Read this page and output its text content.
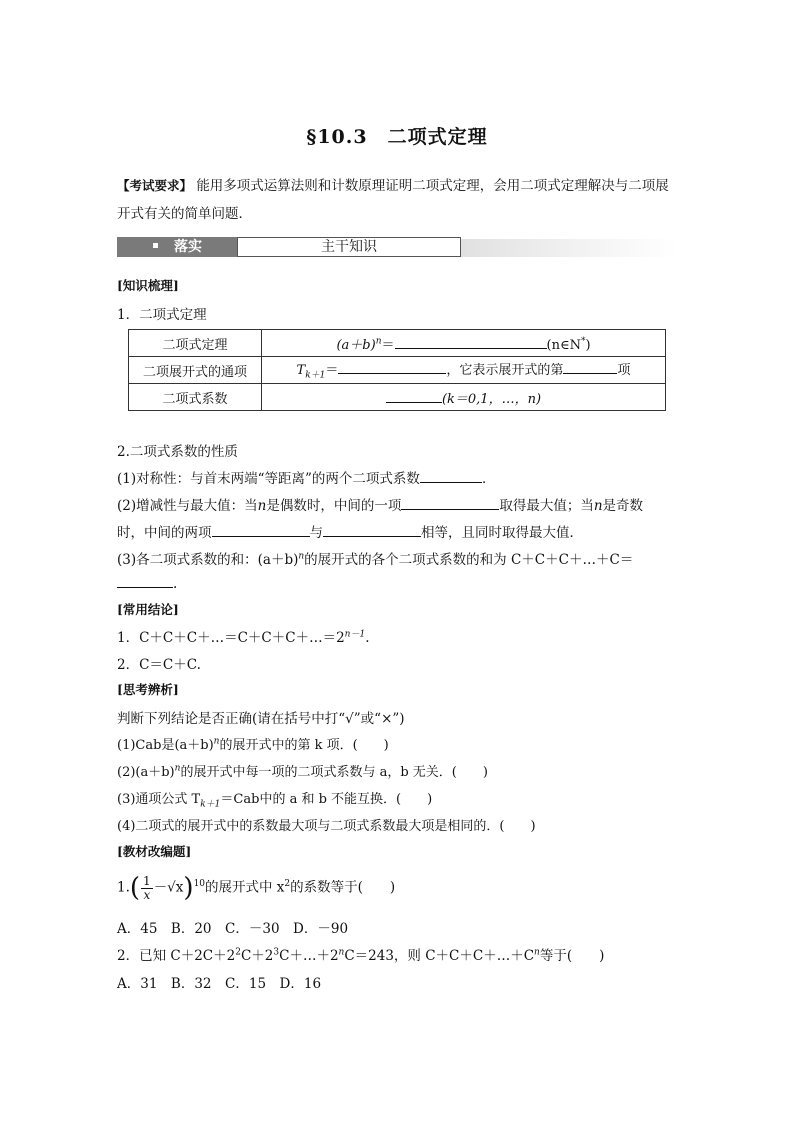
§10.3　二项式定理
【考试要求】 能用多项式运算法则和计数原理证明二项式定理，会用二项式定理解决与二项展开式有关的简单问题．
落实	主干知识
[知识梳理]
1．二项式定理
二项式定理	$(a+b)^n=$ (n∈N*)
二项展开式的通项	$T_{k+1}=$ ，它表示展开式的第 项
二项式系数	(k＝0,1，…，n)
2.二项式系数的性质
(1)对称性：与首末两端“等距离”的两个二项式系数	．
(2)增减性与最大值：当n是偶数时，中间的一项	取得最大值；当n是奇数
时，中间的两项	与	相等，且同时取得最大值．
(3)各二项式系数的和：$(a+b)^n$的展开式的各个二项式系数的和为 C＋C＋C＋…＋C＝
.
[常用结论]
1．$C+C+C+\dots=C+C+C+\dots=2^{n-1}$.
2．C＝C＋C.
[思考辨析]
判断下列结论是否正确(请在括号中打“√”或“×”)
(1)Cab是$(a+b)^n$的展开式中的第 k 项．(　　)
$(2)(a+b)^n$的展开式中每一项的二项式系数与 a，b 无关．(　　)
(3)通项公式 $T_{k+1}=Cab$中的 a 和 b 不能互换．(　　)
(4)二项式的展开式中的系数最大项与二项式系数最大项是相同的．(　　)
[教材改编题]
$1.( \frac{1}{x} -√x)^{10}$的展开式中 $x^2$的系数等于(　　)
A．45　B．20　C．－30　D．－90
2．已知 $C+2C+2^2C+2^3C+\dots+2^nC=243$，则 $C+C+C+\dots+C^n$等于(　　)
A．31　B．32　C．15　D．16
